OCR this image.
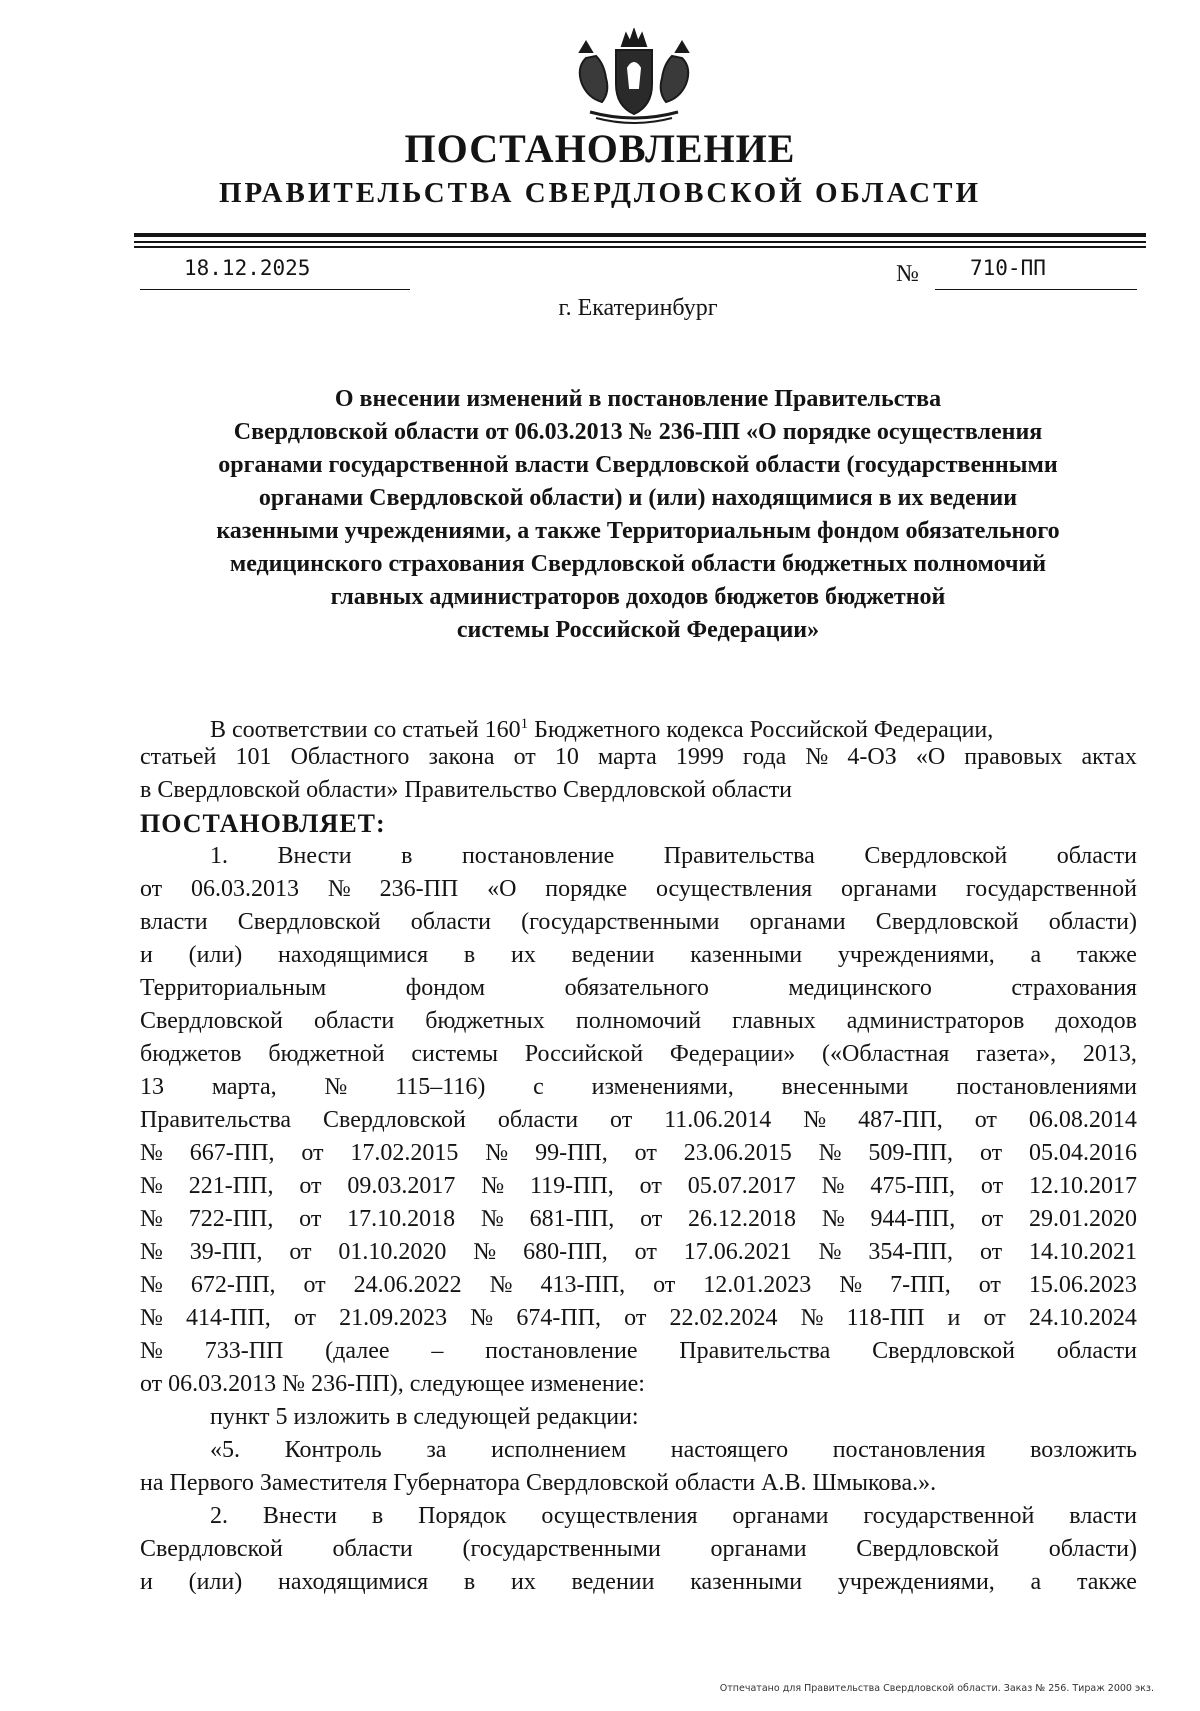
ПОСТАНОВЛЕНИЕ
ПРАВИТЕЛЬСТВА СВЕРДЛОВСКОЙ ОБЛАСТИ
18.12.2025	№	710-ПП
г. Екатеринбург
О внесении изменений в постановление Правительства
Свердловской области от 06.03.2013 № 236-ПП «О порядке осуществления
органами государственной власти Свердловской области (государственными
органами Свердловской области) и (или) находящимися в их ведении
казенными учреждениями, а также Территориальным фондом обязательного
медицинского страхования Свердловской области бюджетных полномочий
главных администраторов доходов бюджетов бюджетной
системы Российской Федерации»
В соответствии со статьей $160^1$ Бюджетного кодекса Российской Федерации,
статьей 101 Областного закона от 10 марта 1999 года № 4-ОЗ «О правовых актах
в Свердловской области» Правительство Свердловской области
ПОСТАНОВЛЯЕТ:
1. Внести в постановление Правительства Свердловской области
от 06.03.2013 № 236-ПП «О порядке осуществления органами государственной
власти Свердловской области (государственными органами Свердловской области)
и (или) находящимися в их ведении казенными учреждениями, а также
Территориальным	фондом	обязательного	медицинского	страхования
Свердловской области бюджетных полномочий главных администраторов доходов
бюджетов бюджетной системы Российской Федерации» («Областная газета», 2013,
13 марта, № 115–116) с изменениями, внесенными постановлениями
Правительства Свердловской области от 11.06.2014 № 487-ПП, от 06.08.2014
№ 667-ПП, от 17.02.2015 № 99-ПП, от 23.06.2015 № 509-ПП, от 05.04.2016
№ 221-ПП, от 09.03.2017 № 119-ПП, от 05.07.2017 № 475-ПП, от 12.10.2017
№ 722-ПП, от 17.10.2018 № 681-ПП, от 26.12.2018 № 944-ПП, от 29.01.2020
№ 39-ПП, от 01.10.2020 № 680-ПП, от 17.06.2021 № 354-ПП, от 14.10.2021
№ 672-ПП, от 24.06.2022 № 413-ПП, от 12.01.2023 № 7-ПП, от 15.06.2023
№ 414-ПП, от 21.09.2023 № 674-ПП, от 22.02.2024 № 118-ПП и от 24.10.2024
№ 733-ПП (далее – постановление Правительства Свердловской области
от 06.03.2013 № 236-ПП), следующее изменение:
пункт 5 изложить в следующей редакции:
«5. Контроль за исполнением настоящего постановления возложить
на Первого Заместителя Губернатора Свердловской области А.В. Шмыкова.».
2. Внести в Порядок осуществления органами государственной власти
Свердловской области (государственными органами Свердловской области)
и (или) находящимися в их ведении казенными учреждениями, а также
Отпечатано для Правительства Свердловской области. Заказ № 256. Тираж 2000 экз.
